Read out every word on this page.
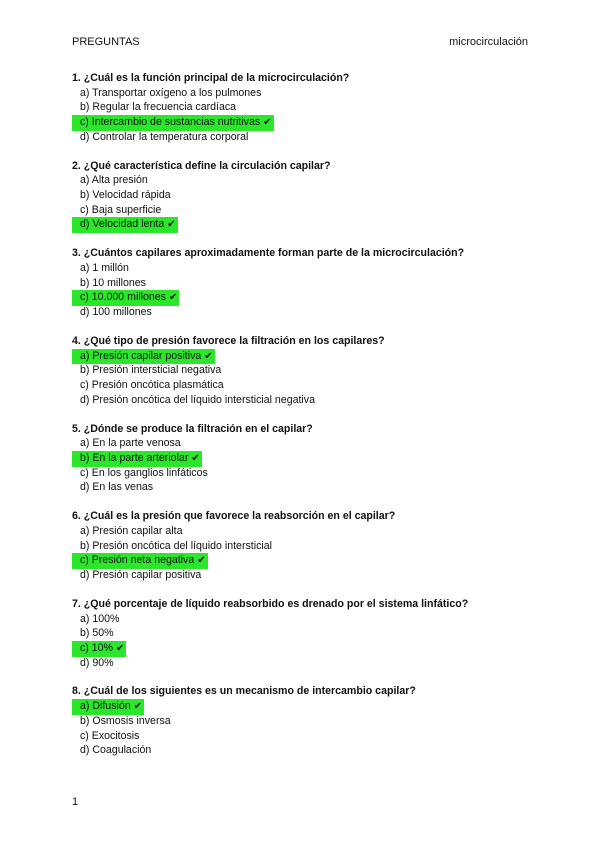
PREGUNTAS	microcirculación
1. ¿Cuál es la función principal de la microcirculación?
a) Transportar oxígeno a los pulmones
b) Regular la frecuencia cardíaca
c) Intercambio de sustancias nutritivas ✔
d) Controlar la temperatura corporal
2. ¿Qué característica define la circulación capilar?
a) Alta presión
b) Velocidad rápida
c) Baja superficie
d) Velocidad lenta ✔
3. ¿Cuántos capilares aproximadamente forman parte de la microcirculación?
a) 1 millón
b) 10 millones
c) 10.000 millones ✔
d) 100 millones
4. ¿Qué tipo de presión favorece la filtración en los capilares?
a) Presión capilar positiva ✔
b) Presión intersticial negativa
c) Presión oncótica plasmática
d) Presión oncótica del líquido intersticial negativa
5. ¿Dónde se produce la filtración en el capilar?
a) En la parte venosa
b) En la parte arteriolar ✔
c) En los ganglios linfáticos
d) En las venas
6. ¿Cuál es la presión que favorece la reabsorción en el capilar?
a) Presión capilar alta
b) Presión oncótica del líquido intersticial
c) Presión neta negativa ✔
d) Presión capilar positiva
7. ¿Qué porcentaje de líquido reabsorbido es drenado por el sistema linfático?
a) 100%
b) 50%
c) 10% ✔
d) 90%
8. ¿Cuál de los siguientes es un mecanismo de intercambio capilar?
a) Difusión ✔
b) Osmosis inversa
c) Exocitosis
d) Coagulación
1
